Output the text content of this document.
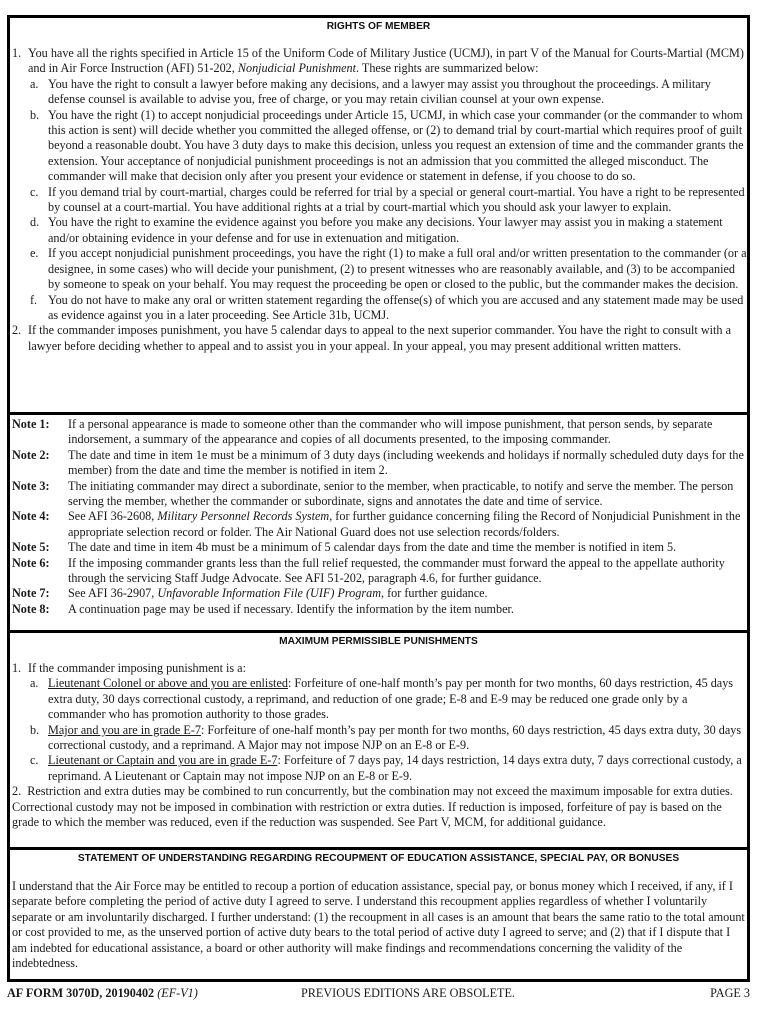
RIGHTS OF MEMBER
1. You have all the rights specified in Article 15 of the Uniform Code of Military Justice (UCMJ), in part V of the Manual for Courts-Martial (MCM) and in Air Force Instruction (AFI) 51-202, Nonjudicial Punishment. These rights are summarized below:
a. You have the right to consult a lawyer before making any decisions, and a lawyer may assist you throughout the proceedings. A military defense counsel is available to advise you, free of charge, or you may retain civilian counsel at your own expense.
b. You have the right (1) to accept nonjudicial proceedings under Article 15, UCMJ, in which case your commander (or the commander to whom this action is sent) will decide whether you committed the alleged offense, or (2) to demand trial by court-martial which requires proof of guilt beyond a reasonable doubt. You have 3 duty days to make this decision, unless you request an extension of time and the commander grants the extension. Your acceptance of nonjudicial punishment proceedings is not an admission that you committed the alleged misconduct. The commander will make that decision only after you present your evidence or statement in defense, if you choose to do so.
c. If you demand trial by court-martial, charges could be referred for trial by a special or general court-martial. You have a right to be represented by counsel at a court-martial. You have additional rights at a trial by court-martial which you should ask your lawyer to explain.
d. You have the right to examine the evidence against you before you make any decisions. Your lawyer may assist you in making a statement and/or obtaining evidence in your defense and for use in extenuation and mitigation.
e. If you accept nonjudicial punishment proceedings, you have the right (1) to make a full oral and/or written presentation to the commander (or a designee, in some cases) who will decide your punishment, (2) to present witnesses who are reasonably available, and (3) to be accompanied by someone to speak on your behalf. You may request the proceeding be open or closed to the public, but the commander makes the decision.
f. You do not have to make any oral or written statement regarding the offense(s) of which you are accused and any statement made may be used as evidence against you in a later proceeding. See Article 31b, UCMJ.
2. If the commander imposes punishment, you have 5 calendar days to appeal to the next superior commander. You have the right to consult with a lawyer before deciding whether to appeal and to assist you in your appeal. In your appeal, you may present additional written matters.
Note 1: If a personal appearance is made to someone other than the commander who will impose punishment, that person sends, by separate indorsement, a summary of the appearance and copies of all documents presented, to the imposing commander.
Note 2: The date and time in item 1e must be a minimum of 3 duty days (including weekends and holidays if normally scheduled duty days for the member) from the date and time the member is notified in item 2.
Note 3: The initiating commander may direct a subordinate, senior to the member, when practicable, to notify and serve the member. The person serving the member, whether the commander or subordinate, signs and annotates the date and time of service.
Note 4: See AFI 36-2608, Military Personnel Records System, for further guidance concerning filing the Record of Nonjudicial Punishment in the appropriate selection record or folder. The Air National Guard does not use selection records/folders.
Note 5: The date and time in item 4b must be a minimum of 5 calendar days from the date and time the member is notified in item 5.
Note 6: If the imposing commander grants less than the full relief requested, the commander must forward the appeal to the appellate authority through the servicing Staff Judge Advocate. See AFI 51-202, paragraph 4.6, for further guidance.
Note 7: See AFI 36-2907, Unfavorable Information File (UIF) Program, for further guidance.
Note 8: A continuation page may be used if necessary. Identify the information by the item number.
MAXIMUM PERMISSIBLE PUNISHMENTS
1. If the commander imposing punishment is a:
a. Lieutenant Colonel or above and you are enlisted: Forfeiture of one-half month’s pay per month for two months, 60 days restriction, 45 days extra duty, 30 days correctional custody, a reprimand, and reduction of one grade; E-8 and E-9 may be reduced one grade only by a commander who has promotion authority to those grades.
b. Major and you are in grade E-7: Forfeiture of one-half month’s pay per month for two months, 60 days restriction, 45 days extra duty, 30 days correctional custody, and a reprimand. A Major may not impose NJP on an E-8 or E-9.
c. Lieutenant or Captain and you are in grade E-7: Forfeiture of 7 days pay, 14 days restriction, 14 days extra duty, 7 days correctional custody, a reprimand. A Lieutenant or Captain may not impose NJP on an E-8 or E-9.
2. Restriction and extra duties may be combined to run concurrently, but the combination may not exceed the maximum imposable for extra duties. Correctional custody may not be imposed in combination with restriction or extra duties. If reduction is imposed, forfeiture of pay is based on the grade to which the member was reduced, even if the reduction was suspended. See Part V, MCM, for additional guidance.
STATEMENT OF UNDERSTANDING REGARDING RECOUPMENT OF EDUCATION ASSISTANCE, SPECIAL PAY, OR BONUSES
I understand that the Air Force may be entitled to recoup a portion of education assistance, special pay, or bonus money which I received, if any, if I separate before completing the period of active duty I agreed to serve. I understand this recoupment applies regardless of whether I voluntarily separate or am involuntarily discharged. I further understand: (1) the recoupment in all cases is an amount that bears the same ratio to the total amount or cost provided to me, as the unserved portion of active duty bears to the total period of active duty I agreed to serve; and (2) that if I dispute that I am indebted for educational assistance, a board or other authority will make findings and recommendations concerning the validity of the indebtedness.
AF FORM 3070D, 20190402 (EF-V1)	PREVIOUS EDITIONS ARE OBSOLETE.	PAGE 3
